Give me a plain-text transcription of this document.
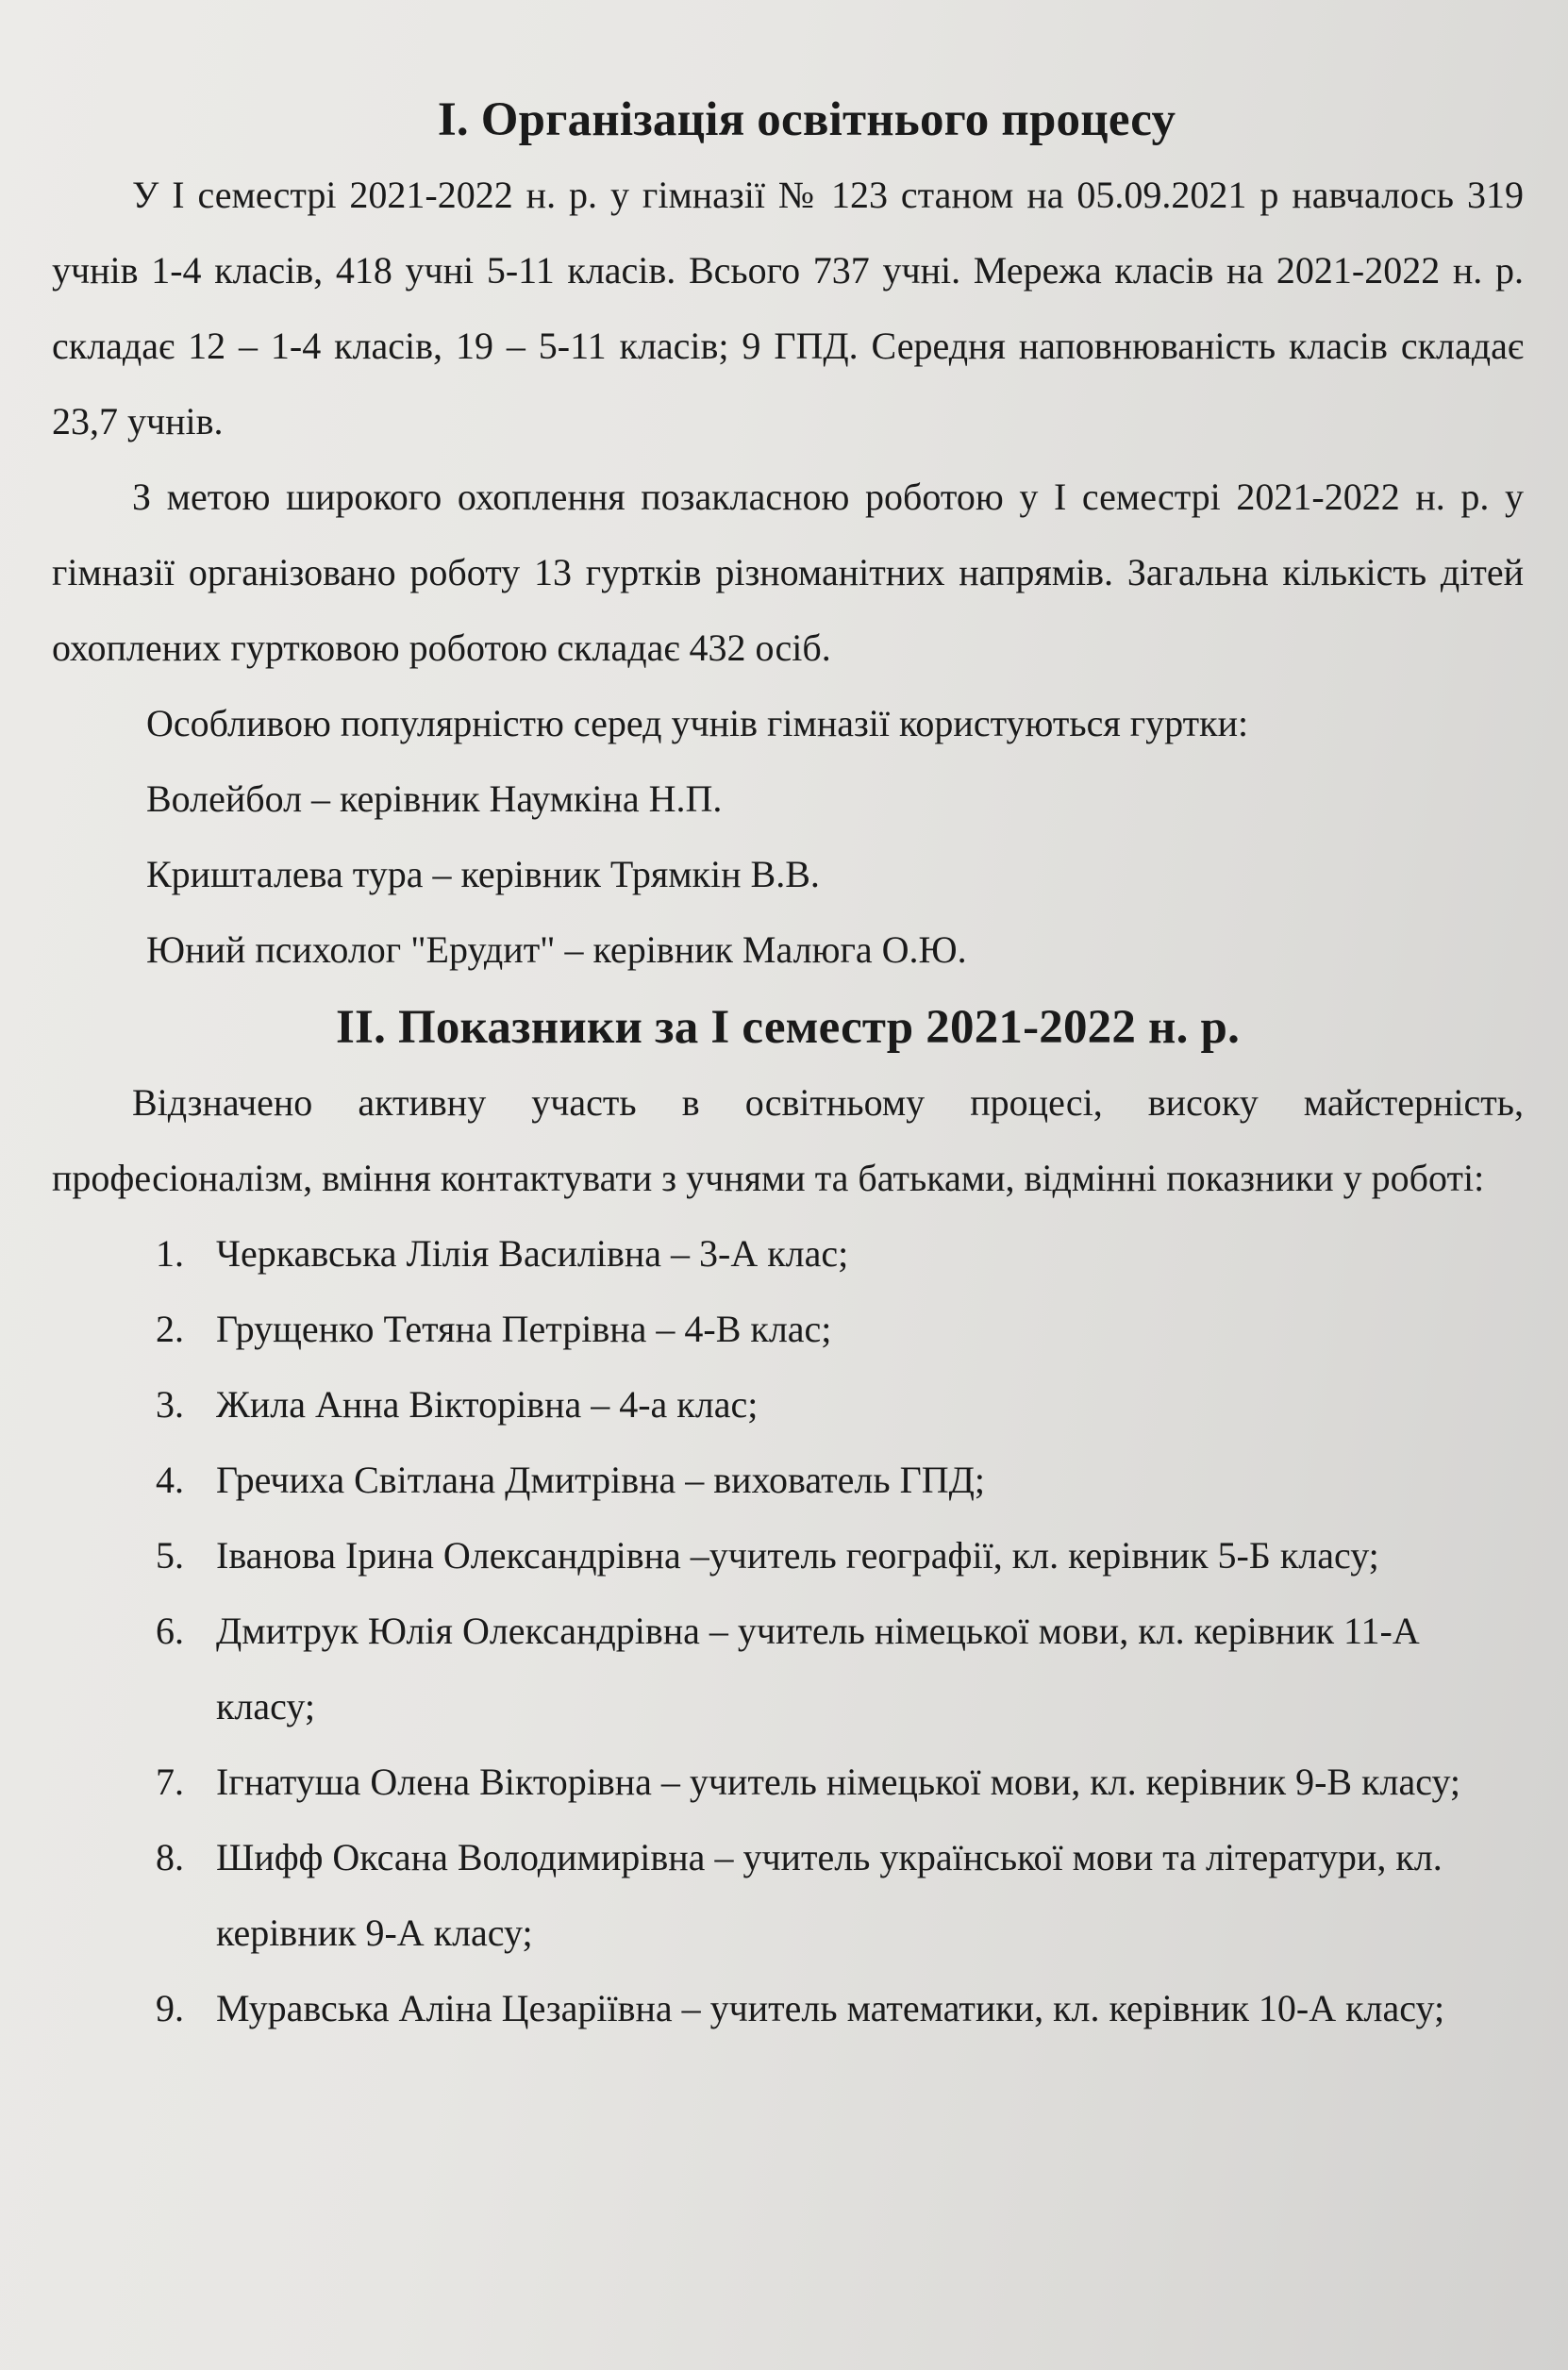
I. Організація освітнього процесу

У І семестрі 2021-2022 н. р. у гімназії № 123 станом на 05.09.2021 р навчалось 319 учнів 1-4 класів, 418 учні 5-11 класів. Всього 737 учні. Мережа класів на 2021-2022 н. р. складає 12 – 1-4 класів, 19 – 5-11 класів; 9 ГПД. Середня наповнюваність класів складає 23,7 учнів.

З метою широкого охоплення позакласною роботою у І семестрі 2021-2022 н. р. у гімназії організовано роботу 13 гуртків різноманітних напрямів. Загальна кількість дітей охоплених гуртковою роботою складає 432 осіб.

Особливою популярністю серед учнів гімназії користуються гуртки:

Волейбол – керівник Наумкіна Н.П.

Кришталева тура – керівник Трямкін В.В.

Юний психолог "Ерудит" – керівник Малюга О.Ю.

II. Показники за І семестр 2021-2022 н. р.

Відзначено активну участь в освітньому процесі, високу майстерність, професіоналізм, вміння контактувати з учнями та батьками, відмінні показники у роботі:

1. Черкавська Лілія Василівна – 3-А клас;
2. Грущенко Тетяна Петрівна – 4-В клас;
3. Жила Анна Вікторівна – 4-а клас;
4. Гречиха Світлана Дмитрівна – вихователь ГПД;
5. Іванова Ірина Олександрівна –учитель географії, кл. керівник 5-Б класу;
6. Дмитрук Юлія Олександрівна – учитель німецької мови, кл. керівник 11-А класу;
7. Ігнатуша Олена Вікторівна – учитель німецької мови, кл. керівник 9-В класу;
8. Шифф Оксана Володимирівна – учитель української мови та літератури, кл. керівник 9-А класу;
9. Муравська Аліна Цезаріївна – учитель математики, кл. керівник 10-А класу;
